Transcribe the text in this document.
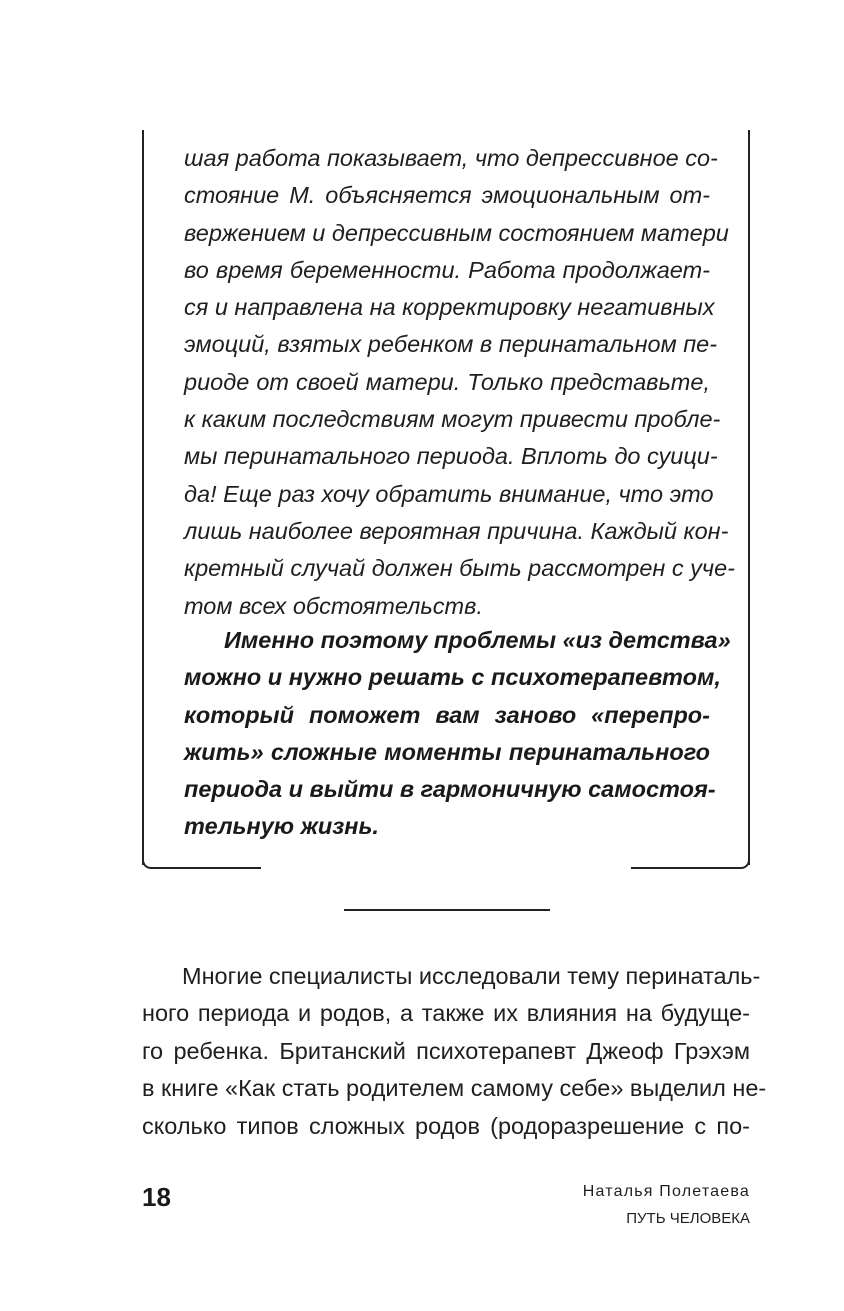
шая работа показывает, что депрессивное со-
стояние М. объясняется эмоциональным от-
вержением и депрессивным состоянием матери
во время беременности. Работа продолжает-
ся и направлена на корректировку негативных
эмоций, взятых ребенком в перинатальном пе-
риоде от своей матери. Только представьте,
к каким последствиям могут привести пробле-
мы перинатального периода. Вплоть до суици-
да! Еще раз хочу обратить внимание, что это
лишь наиболее вероятная причина. Каждый кон-
кретный случай должен быть рассмотрен с уче-
том всех обстоятельств.
Именно поэтому проблемы «из детства»
можно и нужно решать с психотерапевтом,
который поможет вам заново «перепро-
жить» сложные моменты перинатального
периода и выйти в гармоничную самостоя-
тельную жизнь.
Многие специалисты исследовали тему перинаталь-
ного периода и родов, а также их влияния на будуще-
го ребенка. Британский психотерапевт Джеоф Грэхэм
в книге «Как стать родителем самому себе» выделил не-
сколько типов сложных родов (родоразрешение с по-
18	Наталья Полетаева
ПУТЬ ЧЕЛОВЕКА
